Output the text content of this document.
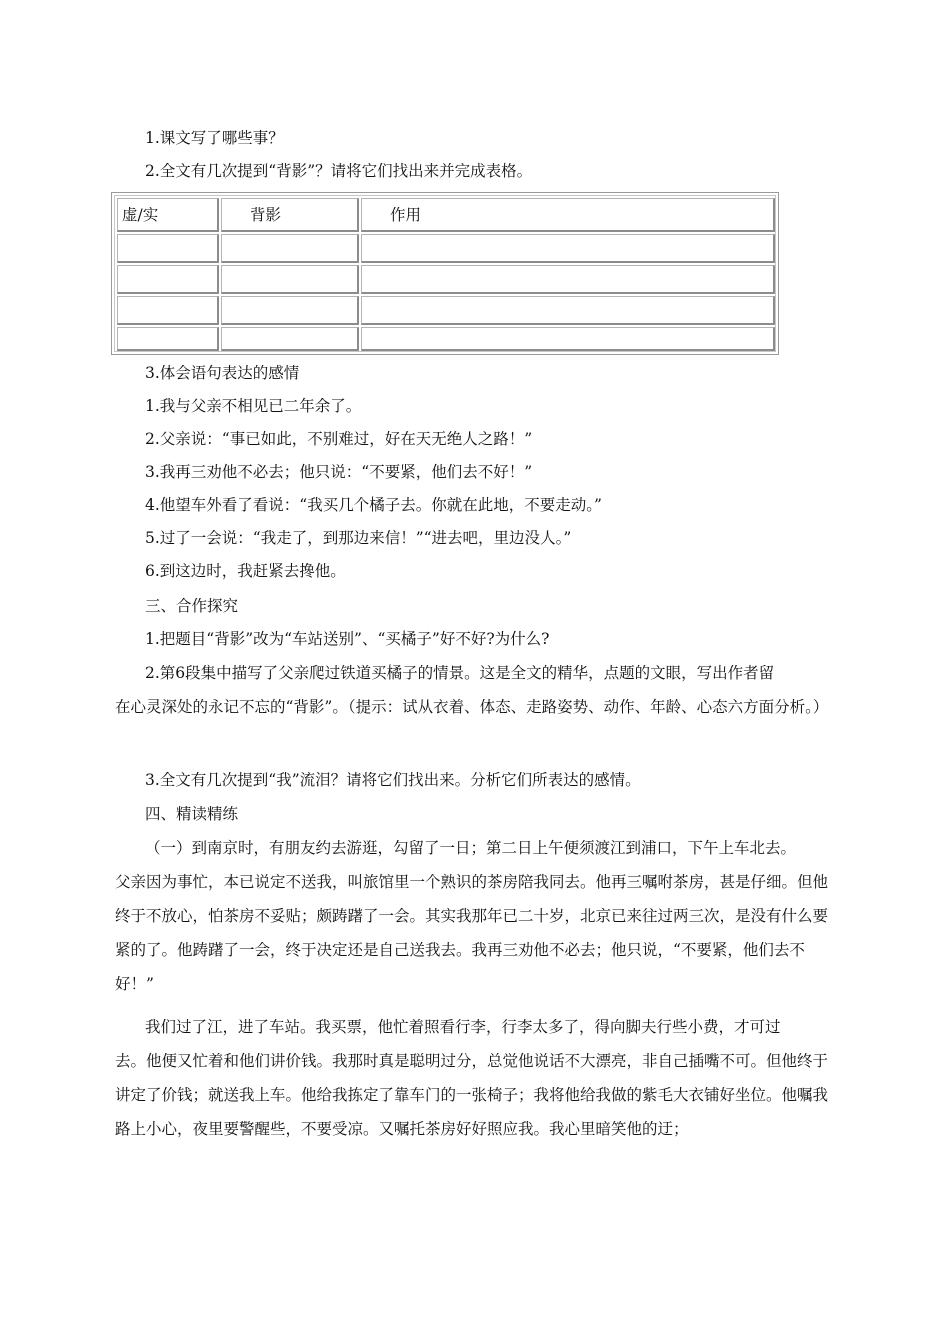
1.课文写了哪些事？

2.全文有几次提到“背影”？请将它们找出来并完成表格。

虚/实	背影	作用

3.体会语句表达的感情

1.我与父亲不相见已二年余了。

2.父亲说：“事已如此，不别难过，好在天无绝人之路！”

3.我再三劝他不必去；他只说：“不要紧，他们去不好！”

4.他望车外看了看说：“我买几个橘子去。你就在此地，不要走动。”

5.过了一会说：“我走了，到那边来信！”“进去吧，里边没人。”

6.到这边时，我赶紧去搀他。

三、合作探究

1.把题目“背影”改为“车站送别”、“买橘子”好不好?为什么?

2.第6段集中描写了父亲爬过铁道买橘子的情景。这是全文的精华，点题的文眼，写出作者留

在心灵深处的永记不忘的“背影”。（提示：试从衣着、体态、走路姿势、动作、年龄、心态六方面分析。）

3.全文有几次提到“我”流泪？请将它们找出来。分析它们所表达的感情。

四、精读精练

（一）到南京时，有朋友约去游逛，勾留了一日；第二日上午便须渡江到浦口，下午上车北去。

父亲因为事忙，本已说定不送我，叫旅馆里一个熟识的茶房陪我同去。他再三嘱咐茶房，甚是仔细。但他终于不放心，怕茶房不妥贴；颇踌躇了一会。其实我那年已二十岁，北京已来往过两三次，是没有什么要紧的了。他踌躇了一会，终于决定还是自己送我去。我再三劝他不必去；他只说，“不要紧，他们去不好！”

我们过了江，进了车站。我买票，他忙着照看行李，行李太多了，得向脚夫行些小费，才可过

去。他便又忙着和他们讲价钱。我那时真是聪明过分，总觉他说话不大漂亮，非自己插嘴不可。但他终于讲定了价钱；就送我上车。他给我拣定了靠车门的一张椅子；我将他给我做的紫毛大衣铺好坐位。他嘱我路上小心，夜里要警醒些，不要受凉。又嘱托茶房好好照应我。我心里暗笑他的迂；
